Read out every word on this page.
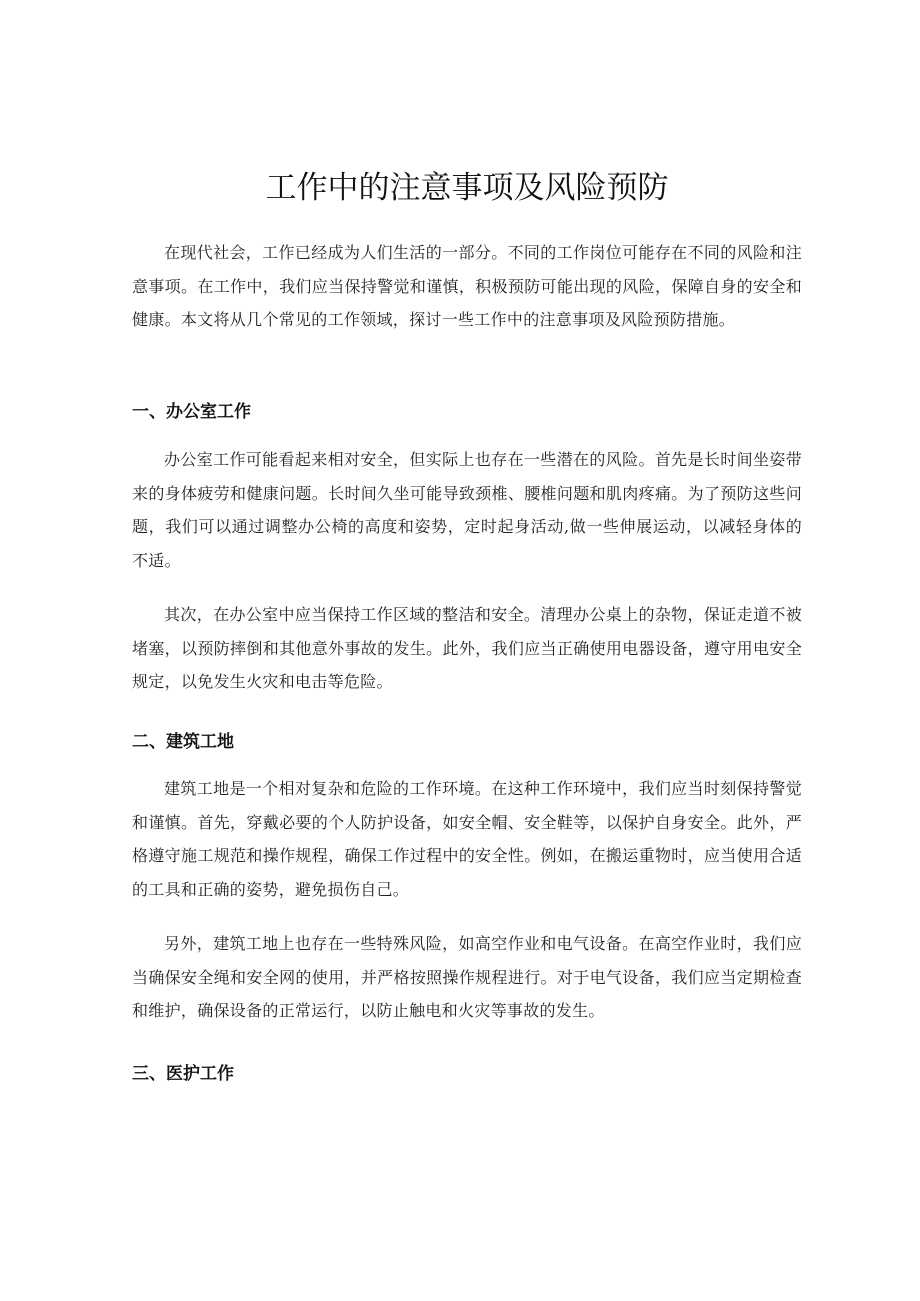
工作中的注意事项及风险预防

在现代社会，工作已经成为人们生活的一部分。不同的工作岗位可能存在不同的风险和注意事项。在工作中，我们应当保持警觉和谨慎，积极预防可能出现的风险，保障自身的安全和健康。本文将从几个常见的工作领域，探讨一些工作中的注意事项及风险预防措施。

一、办公室工作

办公室工作可能看起来相对安全，但实际上也存在一些潜在的风险。首先是长时间坐姿带来的身体疲劳和健康问题。长时间久坐可能导致颈椎、腰椎问题和肌肉疼痛。为了预防这些问题，我们可以通过调整办公椅的高度和姿势，定时起身活动,做一些伸展运动，以减轻身体的不适。

其次，在办公室中应当保持工作区域的整洁和安全。清理办公桌上的杂物，保证走道不被堵塞，以预防摔倒和其他意外事故的发生。此外，我们应当正确使用电器设备，遵守用电安全规定，以免发生火灾和电击等危险。

二、建筑工地

建筑工地是一个相对复杂和危险的工作环境。在这种工作环境中，我们应当时刻保持警觉和谨慎。首先，穿戴必要的个人防护设备，如安全帽、安全鞋等，以保护自身安全。此外，严格遵守施工规范和操作规程，确保工作过程中的安全性。例如，在搬运重物时，应当使用合适的工具和正确的姿势，避免损伤自己。

另外，建筑工地上也存在一些特殊风险，如高空作业和电气设备。在高空作业时，我们应当确保安全绳和安全网的使用，并严格按照操作规程进行。对于电气设备，我们应当定期检查和维护，确保设备的正常运行，以防止触电和火灾等事故的发生。

三、医护工作
